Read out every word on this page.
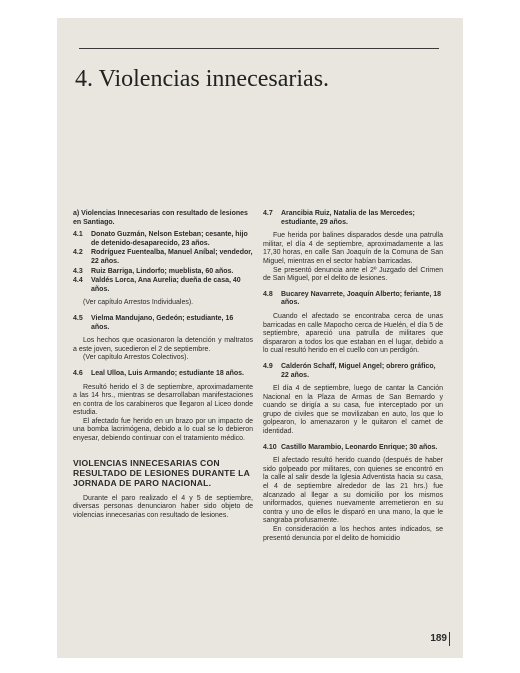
4. Violencias innecesarias.
a) Violencias Innecesarias con resultado de lesiones en Santiago.
4.1	Donato Guzmán, Nelson Esteban; cesante, hijo de detenido-desaparecido, 23 años.
4.2	Rodríguez Fuentealba, Manuel Aníbal; vendedor, 22 años.
4.3	Ruiz Barriga, Lindorfo; mueblista, 60 años.
4.4	Valdés Lorca, Ana Aurelia; dueña de casa, 40 años.

(Ver capítulo Arrestos Individuales).

4.5	Vielma Mandujano, Gedeón; estudiante, 16 años.

Los hechos que ocasionaron la detención y maltratos a este joven, sucedieron el 2 de septiembre.

(Ver capítulo Arrestos Colectivos).

4.6	Leal Ulloa, Luis Armando; estudiante 18 años.

Resultó herido el 3 de septiembre, aproximadamente a las 14 hrs., mientras se desarrollaban manifestaciones en contra de los carabineros que llegaron al Liceo donde estudia.

El afectado fue herido en un brazo por un impacto de una bomba lacrimógena, debido a lo cual se lo debieron enyesar, debiendo continuar con el tratamiento médico.

VIOLENCIAS INNECESARIAS CON RESULTADO DE LESIONES DURANTE LA JORNADA DE PARO NACIONAL.

Durante el paro realizado el 4 y 5 de septiembre, diversas personas denunciaron haber sido objeto de violencias innecesarias con resultado de lesiones.

4.7	Arancibia Ruiz, Natalia de las Mercedes; estudiante, 29 años.

Fue herida por balines disparados desde una patrulla militar, el día 4 de septiembre, aproximadamente a las 17,30 horas, en calle San Joaquín de la Comuna de San Miguel, mientras en el sector habían barricadas.

Se presentó denuncia ante el 2º Juzgado del Crimen de San Miguel, por el delito de lesiones.

4.8	Bucarey Navarrete, Joaquín Alberto; feriante, 18 años.

Cuando el afectado se encontraba cerca de unas barricadas en calle Mapocho cerca de Huelén, el día 5 de septiembre, apareció una patrulla de militares que dispararon a todos los que estaban en el lugar, debido a lo cual resultó herido en el cuello con un perdigón.

4.9	Calderón Schaff, Miguel Angel; obrero gráfico, 22 años.

El día 4 de septiembre, luego de cantar la Canción Nacional en la Plaza de Armas de San Bernardo y cuando se dirigía a su casa, fue interceptado por un grupo de civiles que se movilizaban en auto, los que lo golpearon, lo amenazaron y le quitaron el carnet de identidad.

4.10 Castillo Marambio, Leonardo Enrique; 30 años.

El afectado resultó herido cuando (después de haber sido golpeado por militares, con quienes se encontró en la calle al salir desde la Iglesia Adventista hacia su casa, el 4 de septiembre alrededor de las 21 hrs.) fue alcanzado al llegar a su domicilio por los mismos uniformados, quienes nuevamente arremetieron en su contra y uno de ellos le disparó en una mano, la que le sangraba profusamente.

En consideración a los hechos antes indicados, se presentó denuncia por el delito de homicidio

189
